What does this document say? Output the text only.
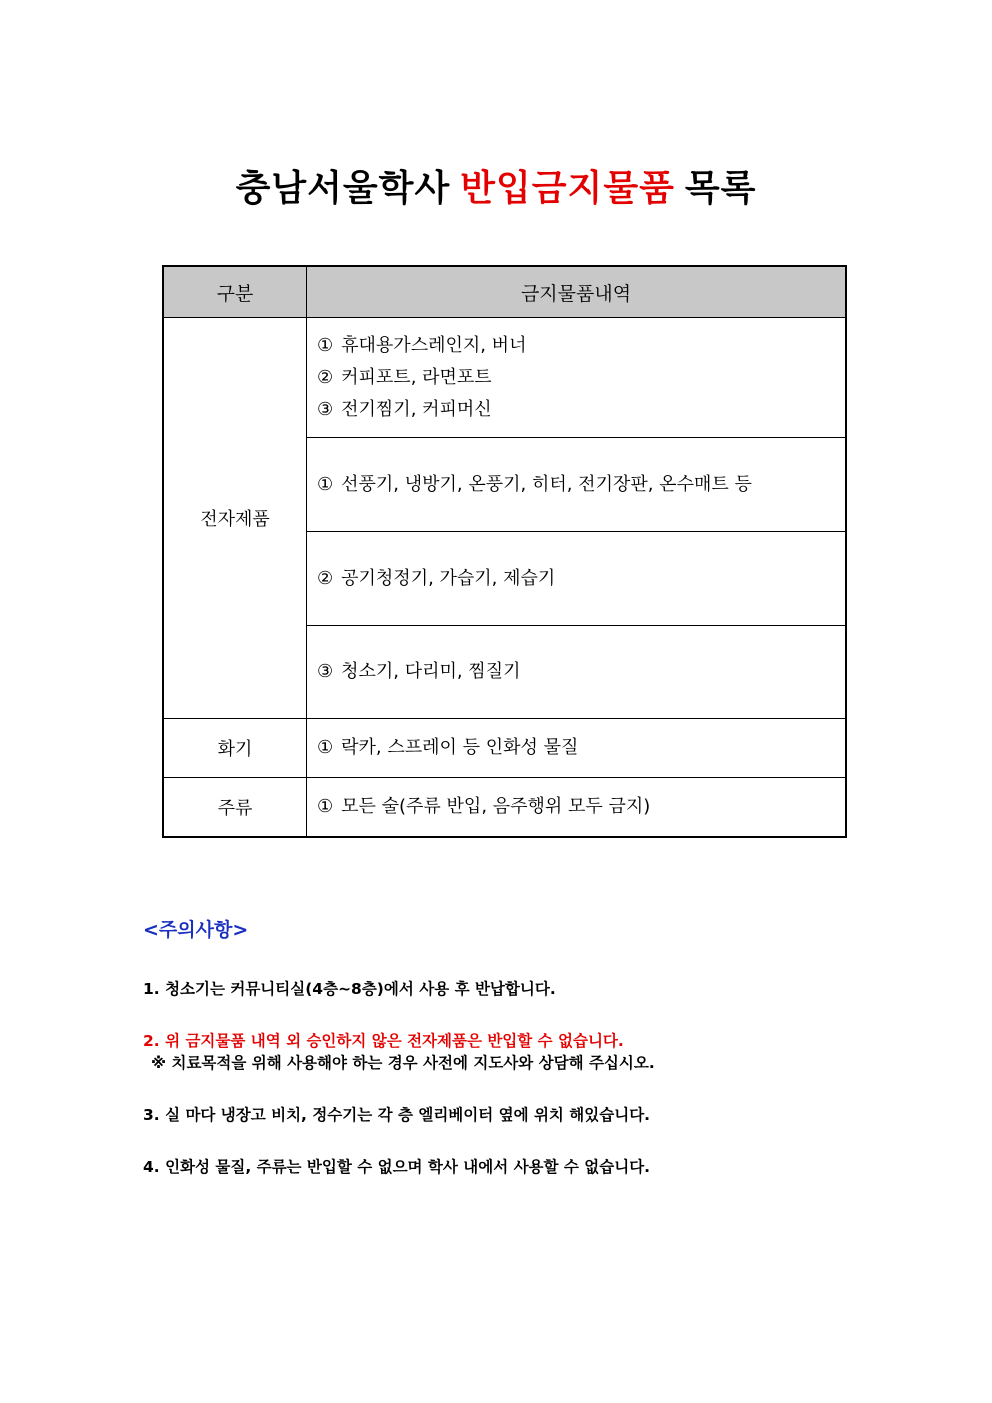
충남서울학사 반입금지물품 목록
구분	금지물품내역
전자제품	① 휴대용가스레인지, 버너
② 커피포트, 라면포트
③ 전기찜기, 커피머신

	① 선풍기, 냉방기, 온풍기, 히터, 전기장판, 온수매트 등

	② 공기청정기, 가습기, 제습기

	③ 청소기, 다리미, 찜질기

화기	① 락카, 스프레이 등 인화성 물질

주류	① 모든 술(주류 반입, 음주행위 모두 금지)
<주의사항>
1. 청소기는 커뮤니티실(4층~8층)에서 사용 후 반납합니다.
2. 위 금지물품 내역 외 승인하지 않은 전자제품은 반입할 수 없습니다.
※ 치료목적을 위해 사용해야 하는 경우 사전에 지도사와 상담해 주십시오.
3. 실 마다 냉장고 비치, 정수기는 각 층 엘리베이터 옆에 위치 해있습니다.
4. 인화성 물질, 주류는 반입할 수 없으며 학사 내에서 사용할 수 없습니다.
